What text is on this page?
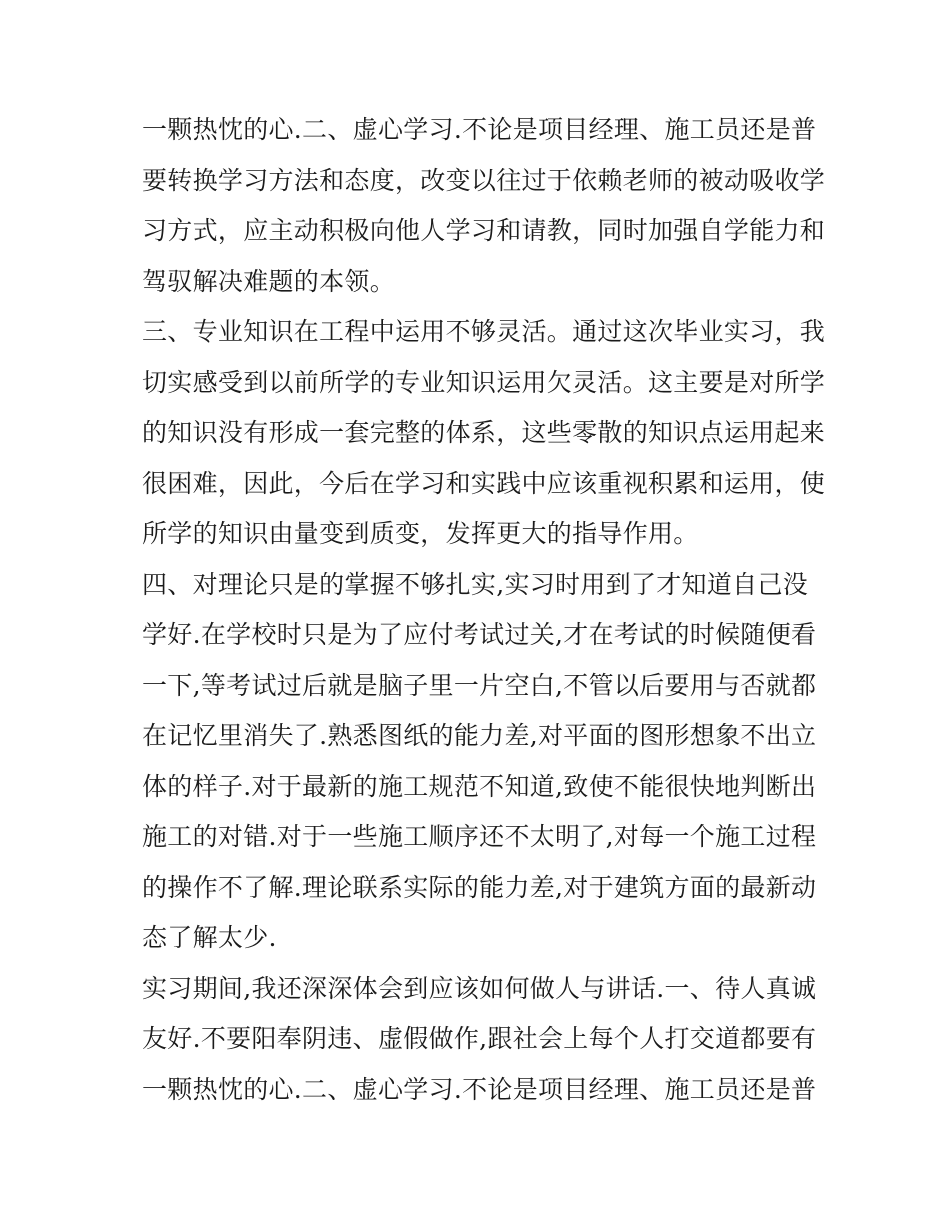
一颗热忱的心.二、虚心学习.不论是项目经理、施工员还是普
要转换学习方法和态度，改变以往过于依赖老师的被动吸收学
习方式，应主动积极向他人学习和请教，同时加强自学能力和
驾驭解决难题的本领。
三、专业知识在工程中运用不够灵活。通过这次毕业实习，我
切实感受到以前所学的专业知识运用欠灵活。这主要是对所学
的知识没有形成一套完整的体系，这些零散的知识点运用起来
很困难，因此，今后在学习和实践中应该重视积累和运用，使
所学的知识由量变到质变，发挥更大的指导作用。
四、对理论只是的掌握不够扎实,实习时用到了才知道自己没
学好.在学校时只是为了应付考试过关,才在考试的时候随便看
一下,等考试过后就是脑子里一片空白,不管以后要用与否就都
在记忆里消失了.熟悉图纸的能力差,对平面的图形想象不出立
体的样子.对于最新的施工规范不知道,致使不能很快地判断出
施工的对错.对于一些施工顺序还不太明了,对每一个施工过程
的操作不了解.理论联系实际的能力差,对于建筑方面的最新动
态了解太少.
实习期间,我还深深体会到应该如何做人与讲话.一、待人真诚
友好.不要阳奉阴违、虚假做作,跟社会上每个人打交道都要有
一颗热忱的心.二、虚心学习.不论是项目经理、施工员还是普
